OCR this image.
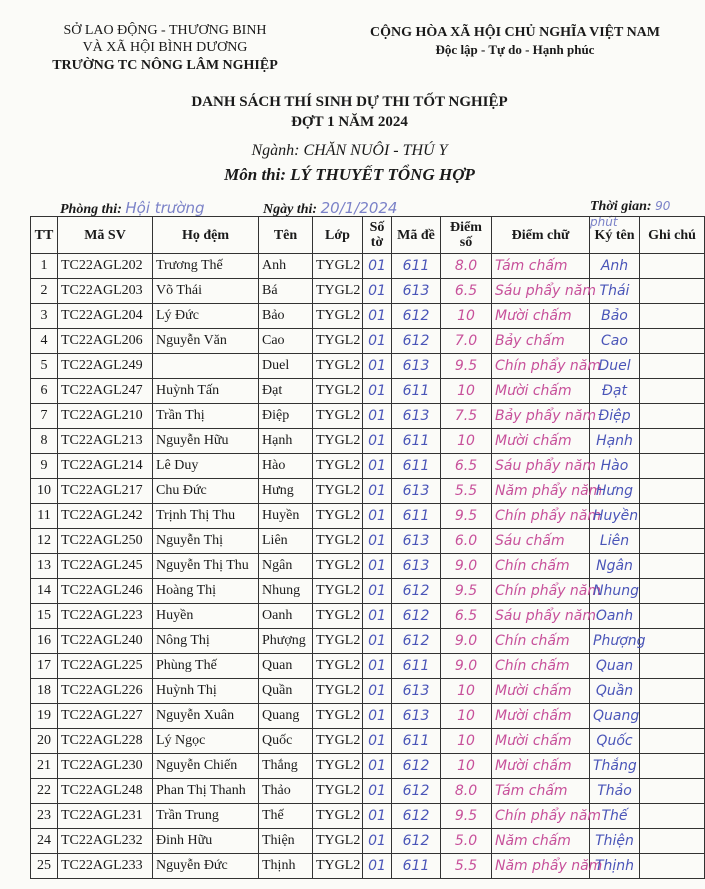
SỞ LAO ĐỘNG - THƯƠNG BINH
VÀ XÃ HỘI BÌNH DƯƠNG
TRƯỜNG TC NÔNG LÂM NGHIỆP
CỘNG HÒA XÃ HỘI CHỦ NGHĨA VIỆT NAM
Độc lập - Tự do - Hạnh phúc
DANH SÁCH THÍ SINH DỰ THI TỐT NGHIỆP
ĐỢT 1 NĂM 2024
Ngành: CHĂN NUÔI - THÚ Y
Môn thi: LÝ THUYẾT TỔNG HỢP
Phòng thi: Hội trường	Ngày thi: 20/1/2024	Thời gian: 90 phút
TT	Mã SV	Họ đệm	Tên	Lớp	Số tờ	Mã đề	Điểm số	Điểm chữ	Ký tên	Ghi chú
1	TC22AGL202	Trương Thế	Anh	TYGL2	01	611	8.0	Tám chấm	Anh	
2	TC22AGL203	Võ Thái	Bá	TYGL2	01	613	6.5	Sáu phẩy năm	Thái	
3	TC22AGL204	Lý Đức	Bảo	TYGL2	01	612	10	Mười chấm	Bảo	
4	TC22AGL206	Nguyễn Văn	Cao	TYGL2	01	612	7.0	Bảy chấm	Cao	
5	TC22AGL249		Duel	TYGL2	01	613	9.5	Chín phẩy năm	Duel	
6	TC22AGL247	Huỳnh Tấn	Đạt	TYGL2	01	611	10	Mười chấm	Đạt	
7	TC22AGL210	Trần Thị	Điệp	TYGL2	01	613	7.5	Bảy phẩy năm	Điệp	
8	TC22AGL213	Nguyễn Hữu	Hạnh	TYGL2	01	611	10	Mười chấm	Hạnh	
9	TC22AGL214	Lê Duy	Hào	TYGL2	01	611	6.5	Sáu phẩy năm	Hào	
10	TC22AGL217	Chu Đức	Hưng	TYGL2	01	613	5.5	Năm phẩy năm	Hưng	
11	TC22AGL242	Trịnh Thị Thu	Huyền	TYGL2	01	611	9.5	Chín phẩy năm	Huyền	
12	TC22AGL250	Nguyễn Thị	Liên	TYGL2	01	613	6.0	Sáu chấm	Liên	
13	TC22AGL245	Nguyễn Thị Thu	Ngân	TYGL2	01	613	9.0	Chín chấm	Ngân	
14	TC22AGL246	Hoàng Thị	Nhung	TYGL2	01	612	9.5	Chín phẩy năm	Nhung	
15	TC22AGL223	Huyền	Oanh	TYGL2	01	612	6.5	Sáu phẩy năm	Oanh	
16	TC22AGL240	Nông Thị	Phượng	TYGL2	01	612	9.0	Chín chấm	Phượng	
17	TC22AGL225	Phùng Thế	Quan	TYGL2	01	611	9.0	Chín chấm	Quan	
18	TC22AGL226	Huỳnh Thị	Quần	TYGL2	01	613	10	Mười chấm	Quần	
19	TC22AGL227	Nguyễn Xuân	Quang	TYGL2	01	613	10	Mười chấm	Quang	
20	TC22AGL228	Lý Ngọc	Quốc	TYGL2	01	611	10	Mười chấm	Quốc	
21	TC22AGL230	Nguyễn Chiến	Thắng	TYGL2	01	612	10	Mười chấm	Thắng	
22	TC22AGL248	Phan Thị Thanh	Thảo	TYGL2	01	612	8.0	Tám chấm	Thảo	
23	TC22AGL231	Trần Trung	Thế	TYGL2	01	612	9.5	Chín phẩy năm	Thế	
24	TC22AGL232	Đinh Hữu	Thiện	TYGL2	01	612	5.0	Năm chấm	Thiện	
25	TC22AGL233	Nguyễn Đức	Thịnh	TYGL2	01	611	5.5	Năm phẩy năm	Thịnh	
